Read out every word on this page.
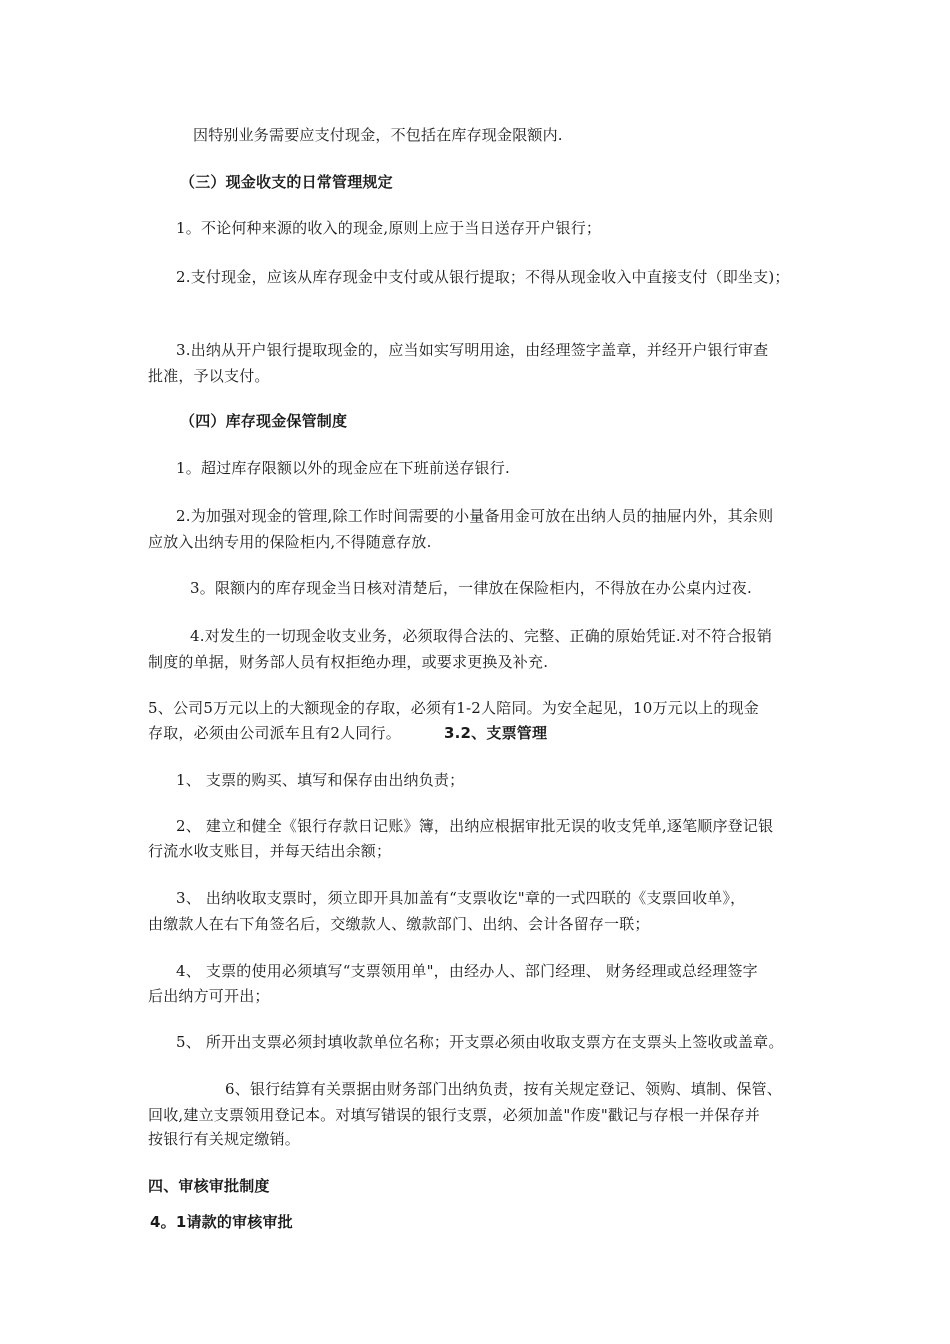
因特别业务需要应支付现金，不包括在库存现金限额内.
（三）现金收支的日常管理规定
1。不论何种来源的收入的现金,原则上应于当日送存开户银行；
2.支付现金，应该从库存现金中支付或从银行提取；不得从现金收入中直接支付（即坐支)；
3.出纳从开户银行提取现金的，应当如实写明用途，由经理签字盖章，并经开户银行审查
批准，予以支付。
（四）库存现金保管制度
1。超过库存限额以外的现金应在下班前送存银行.
2.为加强对现金的管理,除工作时间需要的小量备用金可放在出纳人员的抽屉内外，其余则
应放入出纳专用的保险柜内,不得随意存放.
3。限额内的库存现金当日核对清楚后，一律放在保险柜内，不得放在办公桌内过夜.
4.对发生的一切现金收支业务，必须取得合法的、完整、正确的原始凭证.对不符合报销
制度的单据，财务部人员有权拒绝办理，或要求更换及补充.
5、公司5万元以上的大额现金的存取，必须有1-2人陪同。为安全起见，10万元以上的现金
存取，必须由公司派车且有2人同行。	3.2、支票管理
1、 支票的购买、填写和保存由出纳负责；
2、 建立和健全《银行存款日记账》簿，出纳应根据审批无误的收支凭单,逐笔顺序登记银
行流水收支账目，并每天结出余额；
3、 出纳收取支票时，须立即开具加盖有“支票收讫"章的一式四联的《支票回收单》，
由缴款人在右下角签名后，交缴款人、缴款部门、出纳、会计各留存一联；
4、 支票的使用必须填写“支票领用单"，由经办人、部门经理、 财务经理或总经理签字
后出纳方可开出；
5、 所开出支票必须封填收款单位名称；开支票必须由收取支票方在支票头上签收或盖章。
6、银行结算有关票据由财务部门出纳负责，按有关规定登记、领购、填制、保管、
回收,建立支票领用登记本。对填写错误的银行支票，必须加盖"作废"戳记与存根一并保存并
按银行有关规定缴销。
四、审核审批制度
4。1请款的审核审批
